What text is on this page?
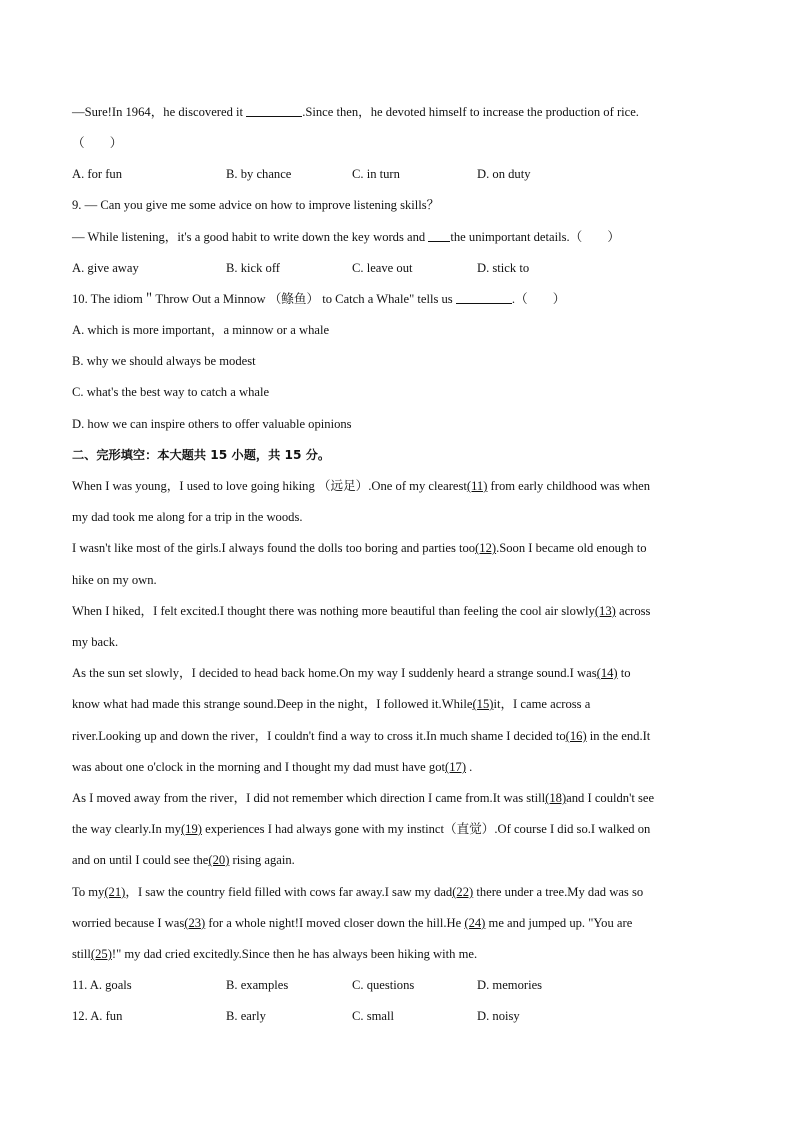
—Sure!In 1964，he discovered it	.Since then，he devoted himself to increase the production of rice.
（　　）
A. for fun	B. by chance	C. in turn	D. on duty
9. — Can you give me some advice on how to improve listening skills？
— While listening，it's a good habit to write down the key words and the unimportant details.（　　）
A. give away	B. kick off	C. leave out	D. stick to
10. The idiom＂Throw Out a Minnow （鲦鱼） to Catch a Whale" tells us	.（　　）
A. which is more important，a minnow or a whale
B. why we should always be modest
C. what's the best way to catch a whale
D. how we can inspire others to offer valuable opinions
二、完形填空：本大题共 15 小题，共 15 分。
When I was young，I used to love going hiking （远足）.One of my clearest(11) from early childhood was when
my dad took me along for a trip in the woods.
I wasn't like most of the girls.I always found the dolls too boring and parties too(12).Soon I became old enough to
hike on my own.
When I hiked，I felt excited.I thought there was nothing more beautiful than feeling the cool air slowly(13) across
my back.
As the sun set slowly，I decided to head back home.On my way I suddenly heard a strange sound.I was(14) to
know what had made this strange sound.Deep in the night，I followed it.While(15)it，I came across a
river.Looking up and down the river，I couldn't find a way to cross it.In much shame I decided to(16) in the end.It
was about one o'clock in the morning and I thought my dad must have got(17) .
As I moved away from the river，I did not remember which direction I came from.It was still(18)and I couldn't see
the way clearly.In my(19) experiences I had always gone with my instinct（直觉）.Of course I did so.I walked on
and on until I could see the(20) rising again.
To my(21)，I saw the country field filled with cows far away.I saw my dad(22) there under a tree.My dad was so
worried because I was(23) for a whole night!I moved closer down the hill.He (24) me and jumped up. "You are
still(25)!" my dad cried excitedly.Since then he has always been hiking with me.
11. A. goals	B. examples	C. questions	D. memories
12. A. fun	B. early	C. small	D. noisy
